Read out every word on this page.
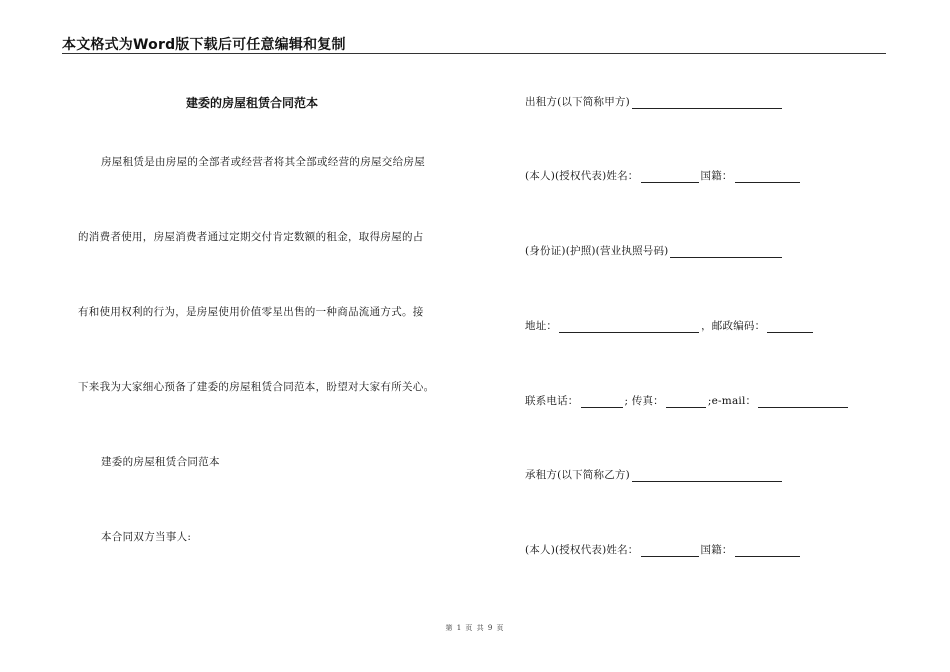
本文格式为Word版下载后可任意编辑和复制
建委的房屋租赁合同范本
房屋租赁是由房屋的全部者或经营者将其全部或经营的房屋交给房屋
的消费者使用，房屋消费者通过定期交付肯定数额的租金，取得房屋的占
有和使用权利的行为，是房屋使用价值零星出售的一种商品流通方式。接
下来我为大家细心预备了建委的房屋租赁合同范本，盼望对大家有所关心。
建委的房屋租赁合同范本
本合同双方当事人:
出租方(以下简称甲方)
(本人)(授权代表)姓名：	国籍：
(身份证)(护照)(营业执照号码)
地址：	，邮政编码：
联系电话：	; 传真：	;e-mail：
承租方(以下简称乙方)
(本人)(授权代表)姓名：	国籍：
第 1 页 共 9 页
